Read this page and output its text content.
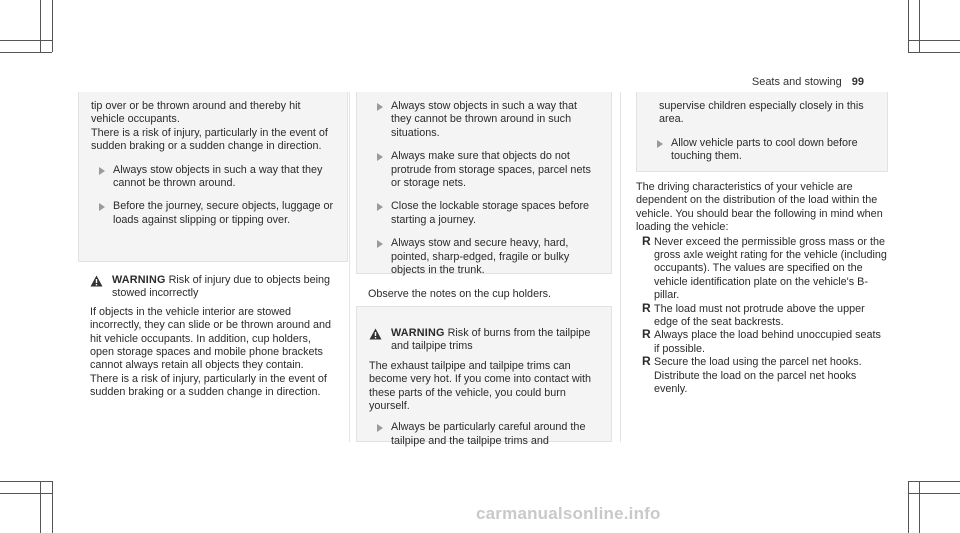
Seats and stowing 99

tip over or be thrown around and thereby hit vehicle occupants.

There is a risk of injury, particularly in the event of sudden braking or a sudden change in direction.

Always stow objects in such a way that they cannot be thrown around.
Before the journey, secure objects, luggage or loads against slipping or tipping over.
WARNING Risk of injury due to objects being stowed incorrectly

If objects in the vehicle interior are stowed incorrectly, they can slide or be thrown around and hit vehicle occupants. In addition, cup holders, open storage spaces and mobile phone brackets cannot always retain all objects they contain.

There is a risk of injury, particularly in the event of sudden braking or a sudden change in direction.

Always stow objects in such a way that they cannot be thrown around in such situations.
Always make sure that objects do not protrude from storage spaces, parcel nets or storage nets.
Close the lockable storage spaces before starting a journey.
Always stow and secure heavy, hard, pointed, sharp-edged, fragile or bulky objects in the trunk.

Observe the notes on the cup holders.

WARNING Risk of burns from the tailpipe and tailpipe trims

The exhaust tailpipe and tailpipe trims can become very hot. If you come into contact with these parts of the vehicle, you could burn yourself.

Always be particularly careful around the tailpipe and the tailpipe trims and

supervise children especially closely in this area.

Allow vehicle parts to cool down before touching them.

The driving characteristics of your vehicle are dependent on the distribution of the load within the vehicle. You should bear the following in mind when loading the vehicle:

R Never exceed the permissible gross mass or the gross axle weight rating for the vehicle (including occupants). The values are specified on the vehicle identification plate on the vehicle's B-pillar.
R The load must not protrude above the upper edge of the seat backrests.
R Always place the load behind unoccupied seats if possible.
R Secure the load using the parcel net hooks. Distribute the load on the parcel net hooks evenly.
carmanualsonline.info
